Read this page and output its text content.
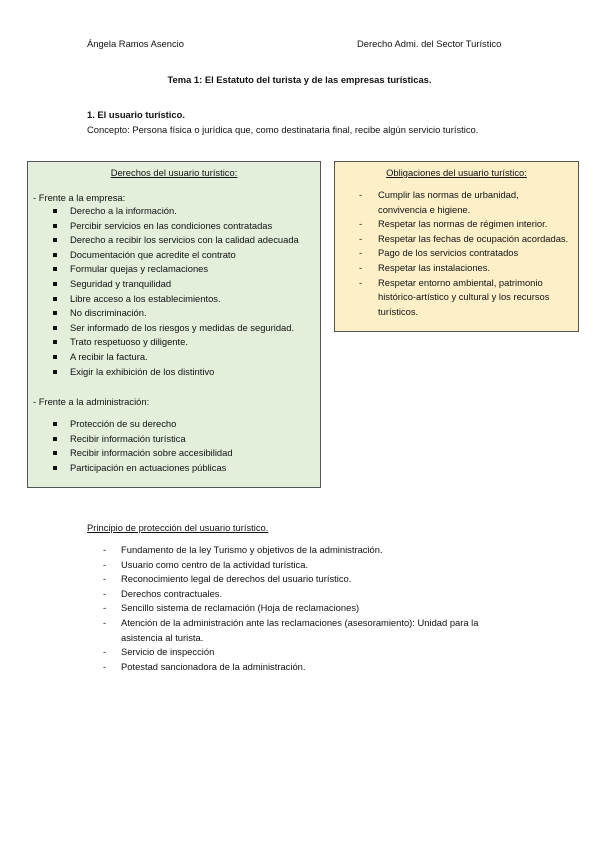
Ángela Ramos Asencio	Derecho Admi. del Sector Turístico
Tema 1: El Estatuto del turista y de las empresas turísticas.
1. El usuario turístico.
Concepto: Persona física o jurídica que, como destinataria final, recibe algún servicio turístico.
Derechos del usuario turístico:
- Frente a la empresa:
Derecho a la información.
Percibir servicios en las condiciones contratadas
Derecho a recibir los servicios con la calidad adecuada
Documentación que acredite el contrato
Formular quejas y reclamaciones
Seguridad y tranquilidad
Libre acceso a los establecimientos.
No discriminación.
Ser informado de los riesgos y medidas de seguridad.
Trato respetuoso y diligente.
A recibir la factura.
Exigir la exhibición de los distintivo
- Frente a la administración:
Protección de su derecho
Recibir información turística
Recibir información sobre accesibilidad
Participación en actuaciones públicas
Obligaciones del usuario turístico:
- Cumplir las normas de urbanidad,
convivencia e higiene.
- Respetar las normas de régimen interior.
- Respetar las fechas de ocupación acordadas.
- Pago de los servicios contratados
- Respetar las instalaciones.
- Respetar entorno ambiental, patrimonio
histórico-artístico y cultural y los recursos
turísticos.
Principio de protección del usuario turístico.
- Fundamento de la ley Turismo y objetivos de la administración.
- Usuario como centro de la actividad turística.
- Reconocimiento legal de derechos del usuario turístico.
- Derechos contractuales.
- Sencillo sistema de reclamación (Hoja de reclamaciones)
- Atención de la administración ante las reclamaciones (asesoramiento): Unidad para la
asistencia al turista.
- Servicio de inspección
- Potestad sancionadora de la administración.
